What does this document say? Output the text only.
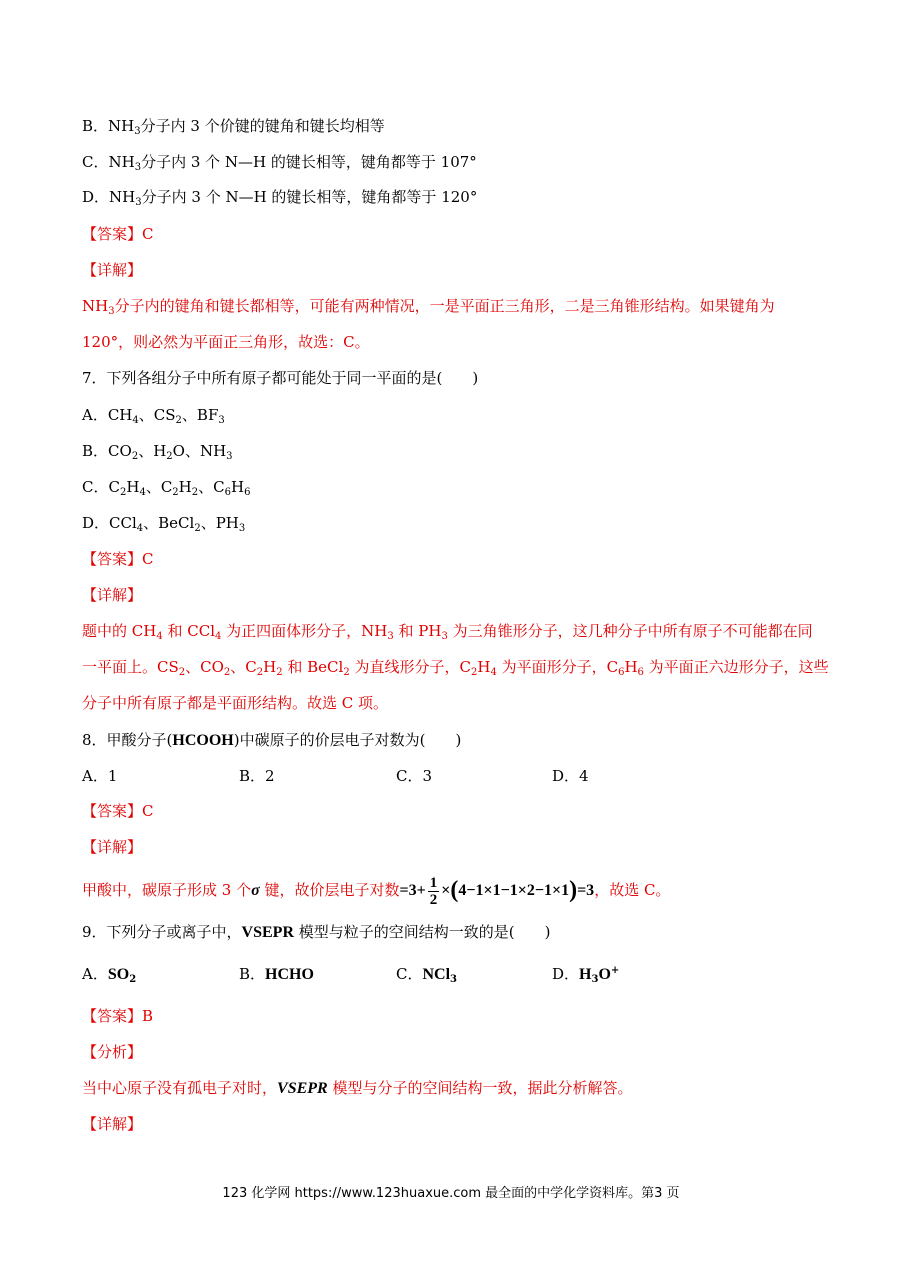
B．$NH_3$分子内 3 个价键的键角和键长均相等
C．$NH_3$分子内 3 个 N—H 的键长相等，键角都等于 107°
D．$NH_3$分子内 3 个 N—H 的键长相等，键角都等于 120°
【答案】C
【详解】
$NH_3$分子内的键角和键长都相等，可能有两种情况，一是平面正三角形，二是三角锥形结构。如果键角为
120°，则必然为平面正三角形，故选：C。
7．下列各组分子中所有原子都可能处于同一平面的是(　　)
A．$CH_4$、$CS_2$、$BF_3$
B．$CO_2$、$H_2O$、$NH_3$
C．$C_2H_4$、$C_2H_2$、$C_6H_6$
D．CCl$_4$、BeCl$_2$、$PH_3$
【答案】C
【详解】
题中的 $CH_4$ 和 CCl$_4$ 为正四面体形分子，$NH_3$ 和 $PH_3$ 为三角锥形分子，这几种分子中所有原子不可能都在同
一平面上。$CS_2$、$CO_2$、$C_2H_2$ 和 BeCl$_2$ 为直线形分子，$C_2H_4$ 为平面形分子，$C_6H_6$ 为平面正六边形分子，这些
分子中所有原子都是平面形结构。故选 C 项。
8．甲酸分子(HCOOH)中碳原子的价层电子对数为(　　)
A．1	B．2	C．3	D．4
【答案】C
【详解】
甲酸中，碳原子形成 3 个σ 键，故价层电子对数$=3+ \frac{1}{2} \times(4-1\times 1-1\times 2-1\times 1)=3$，故选 C。
9．下列分子或离子中，VSEPR 模型与粒子的空间结构一致的是(　　)
A．$SO_2$	B．HCHO	C．NCl$_3$	D．$H_3O^+$
【答案】B
【分析】
当中心原子没有孤电子对时，VSEPR 模型与分子的空间结构一致，据此分析解答。
【详解】
123 化学网 https://www.123huaxue.com 最全面的中学化学资料库。第3 页
